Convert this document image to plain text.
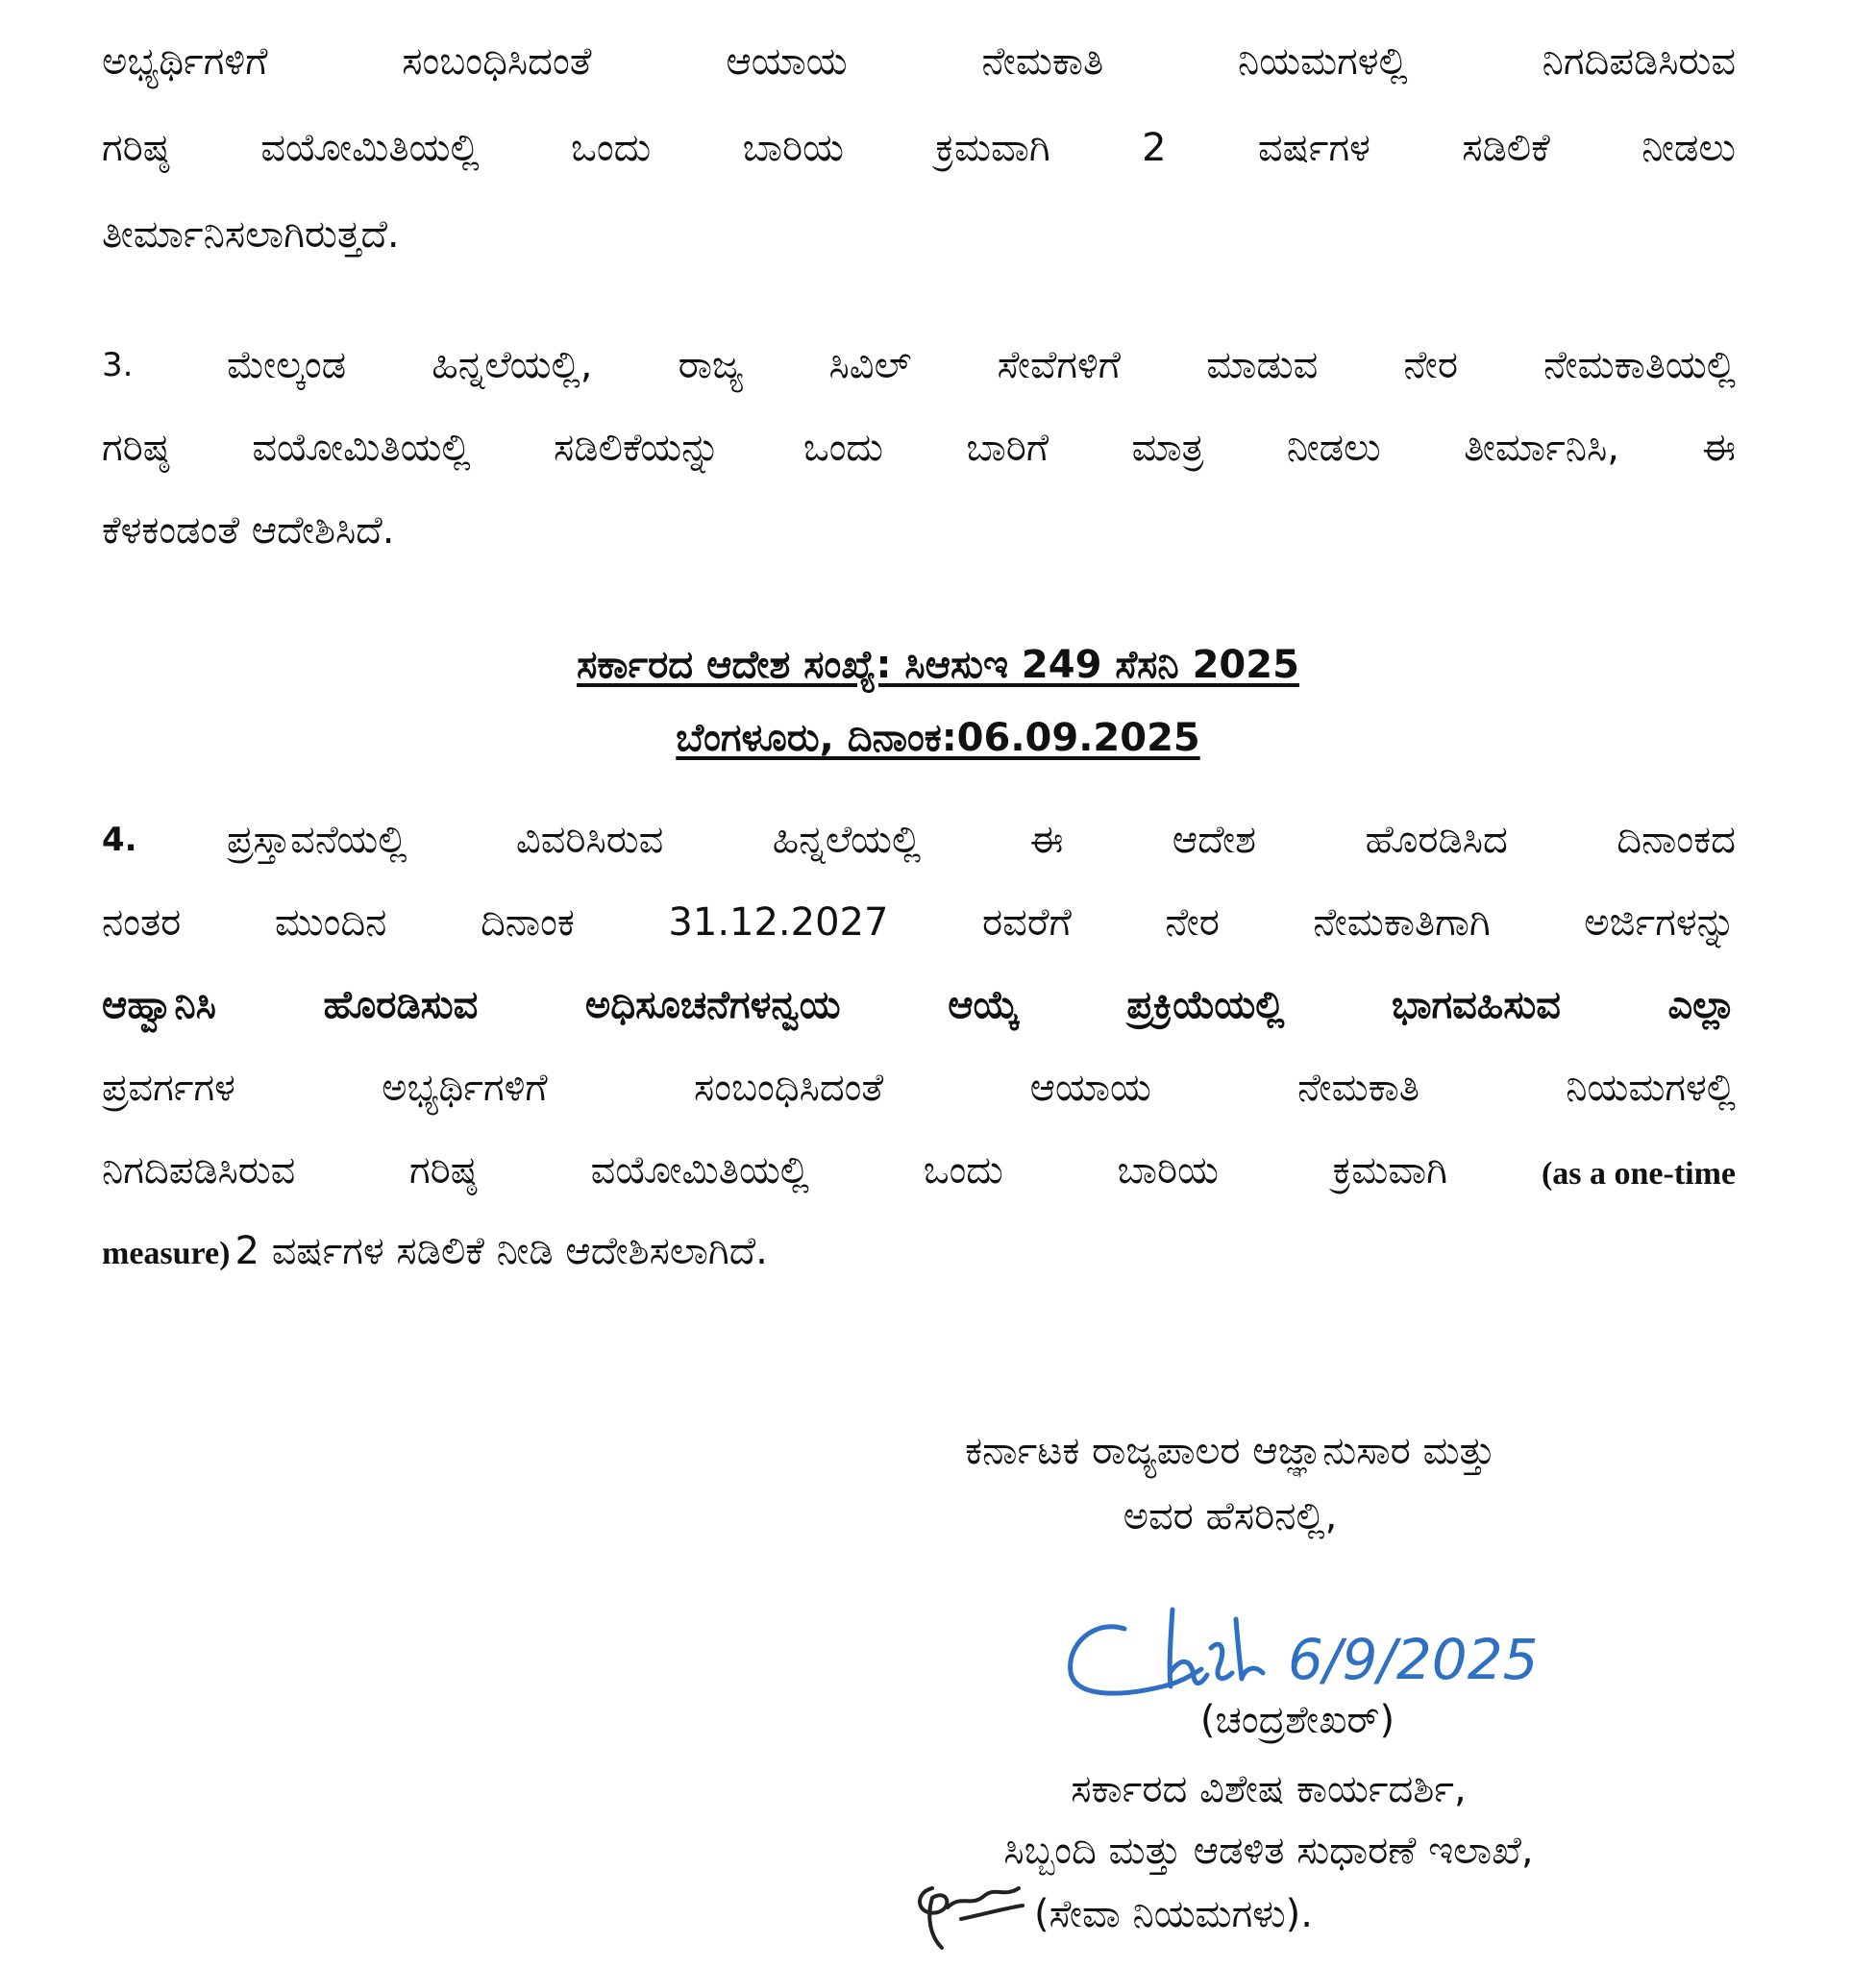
ಅಭ್ಯರ್ಥಿಗಳಿಗೆ ಸಂಬಂಧಿಸಿದಂತೆ ಆಯಾಯ ನೇಮಕಾತಿ ನಿಯಮಗಳಲ್ಲಿ ನಿಗದಿಪಡಿಸಿರುವ
ಗರಿಷ್ಠ ವಯೋಮಿತಿಯಲ್ಲಿ ಒಂದು ಬಾರಿಯ ಕ್ರಮವಾಗಿ 2 ವರ್ಷಗಳ ಸಡಿಲಿಕೆ ನೀಡಲು
ತೀರ್ಮಾನಿಸಲಾಗಿರುತ್ತದೆ.
3. ಮೇಲ್ಕಂಡ ಹಿನ್ನಲೆಯಲ್ಲಿ, ರಾಜ್ಯ ಸಿವಿಲ್ ಸೇವೆಗಳಿಗೆ ಮಾಡುವ ನೇರ ನೇಮಕಾತಿಯಲ್ಲಿ
ಗರಿಷ್ಠ ವಯೋಮಿತಿಯಲ್ಲಿ ಸಡಿಲಿಕೆಯನ್ನು ಒಂದು ಬಾರಿಗೆ ಮಾತ್ರ ನೀಡಲು ತೀರ್ಮಾನಿಸಿ, ಈ
ಕೆಳಕಂಡಂತೆ ಆದೇಶಿಸಿದೆ.
ಸರ್ಕಾರದ ಆದೇಶ ಸಂಖ್ಯೆ: ಸಿಆಸುಇ 249 ಸೆಸನಿ 2025
ಬೆಂಗಳೂರು, ದಿನಾಂಕ:06.09.2025
4. ಪ್ರಸ್ತಾವನೆಯಲ್ಲಿ ವಿವರಿಸಿರುವ ಹಿನ್ನಲೆಯಲ್ಲಿ ಈ ಆದೇಶ ಹೊರಡಿಸಿದ ದಿನಾಂಕದ
ನಂತರ ಮುಂದಿನ ದಿನಾಂಕ 31.12.2027 ರವರೆಗೆ ನೇರ ನೇಮಕಾತಿಗಾಗಿ ಅರ್ಜಿಗಳನ್ನು
ಆಹ್ವಾನಿಸಿ ಹೊರಡಿಸುವ ಅಧಿಸೂಚನೆಗಳನ್ವಯ ಆಯ್ಕೆ ಪ್ರಕ್ರಿಯೆಯಲ್ಲಿ ಭಾಗವಹಿಸುವ ಎಲ್ಲಾ
ಪ್ರವರ್ಗಗಳ ಅಭ್ಯರ್ಥಿಗಳಿಗೆ ಸಂಬಂಧಿಸಿದಂತೆ ಆಯಾಯ ನೇಮಕಾತಿ ನಿಯಮಗಳಲ್ಲಿ
ನಿಗದಿಪಡಿಸಿರುವ ಗರಿಷ್ಠ ವಯೋಮಿತಿಯಲ್ಲಿ ಒಂದು ಬಾರಿಯ ಕ್ರಮವಾಗಿ	(as a one-time
measure) 2 ವರ್ಷಗಳ ಸಡಿಲಿಕೆ ನೀಡಿ ಆದೇಶಿಸಲಾಗಿದೆ.
ಕರ್ನಾಟಕ ರಾಜ್ಯಪಾಲರ ಆಜ್ಞಾನುಸಾರ ಮತ್ತು
ಅವರ ಹೆಸರಿನಲ್ಲಿ,
6/9/2025
(ಚಂದ್ರಶೇಖರ್)
ಸರ್ಕಾರದ ವಿಶೇಷ ಕಾರ್ಯದರ್ಶಿ,
ಸಿಬ್ಬಂದಿ ಮತ್ತು ಆಡಳಿತ ಸುಧಾರಣೆ ಇಲಾಖೆ,
(ಸೇವಾ ನಿಯಮಗಳು).
